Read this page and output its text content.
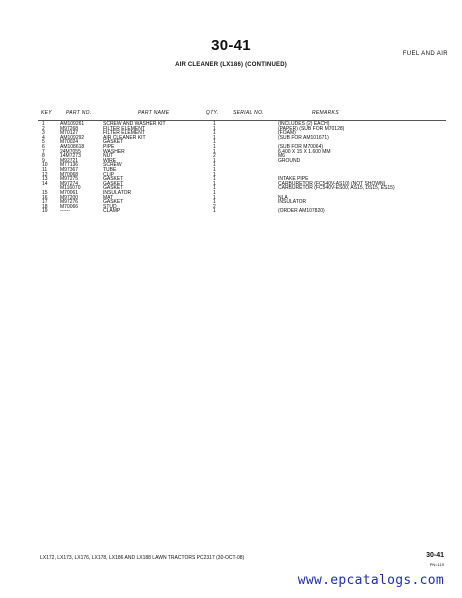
30-41	FUEL AND AIR
AIR CLEANER (LX186) (CONTINUED)
KEY	PART NO.	PART NAME	QTY.	SERIAL NO.	REMARKS
1	AM109261	SCREW AND WASHER KIT	1	(INCLUDES (2) EACH)
2	M97268	FILTER ELEMENT	1	(PAPER) (SUB FOR M70128)
3	M70127	FILTER ELEMENT	1	(FOAM)
4	AM109292	AIR CLEANER KIT	1	(SUB FOR AM101671)
5	M70024	GASKET	1
6	AM108618	PIPE	1	(SUB FOR M70064)
7	24M7055	WASHER	1	6.400 X 15 X 1.600 MM
8	14M7273	NUT	2	M6
9	M92721	WIRE	1	GROUND
10	M77136	SCREW	1
11	M97367	TUBE	1
12	M70068	CLIP	1
13	M97275	GASKET	1	INTAKE PIPE
14	M97274	GASKET	1	CARBURETOR (FC540V-AS10) (NOT SHOWN)
M116070	GASKET	1	CARBURETOR (FC540V-ES00, AS15, DS15, ES15)
15	M70061	INSULATOR	1
16	M97200	MAT	1	NLA
17	M97276	GASKET	1	INSULATOR
18	M70066	STUD	2
19	------	CLAMP	1	(ORDER AM107820)
LX172, LX173, LX176, LX178, LX186 AND LX188 LAWN TRACTORS PC2317 (30-OCT-08)	30-41
PN=119
www.epcatalogs.com
